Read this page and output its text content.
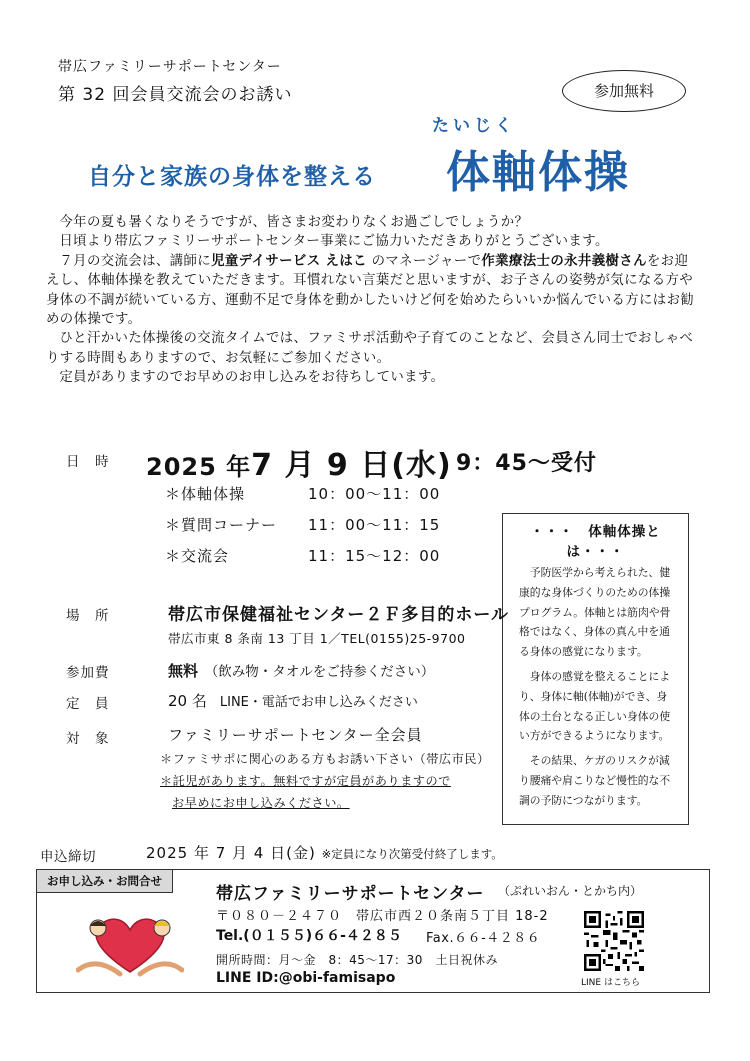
帯広ファミリーサポートセンター
第 32 回会員交流会のお誘い	参加無料
たいじく
自分と家族の身体を整える 体軸体操

今年の夏も暑くなりそうですが、皆さまお変わりなくお過ごしでしょうか？

日頃より帯広ファミリーサポートセンター事業にご協力いただきありがとうございます。

７月の交流会は、講師に児童デイサービス えはこ のマネージャーで作業療法士の永井義樹さんをお迎えし、体軸体操を教えていただきます。耳慣れない言葉だと思いますが、お子さんの姿勢が気になる方や身体の不調が続いている方、運動不足で身体を動かしたいけど何を始めたらいいか悩んでいる方にはお勧めの体操です。

ひと汗かいた体操後の交流タイムでは、ファミサポ活動や子育てのことなど、会員さん同士でおしゃべりする時間もありますので、お気軽にご参加ください。

定員がありますのでお早めのお申し込みをお待ちしています。

日　時 2025 年7 月 9 日(水) 9：45～受付
＊体軸体操	10：00～11：00
＊質問コーナー 11：00～11：15
＊交流会	11：15～12：00
・・・　体軸体操とは・・・

予防医学から考えられた、健康的な身体づくりのための体操プログラム。体軸とは筋肉や骨格ではなく、身体の真ん中を通る身体の感覚になります。

身体の感覚を整えることにより、身体に軸(体軸)ができ、身体の土台となる正しい身体の使い方ができるようになります。

その結果、ケガのリスクが減り腰痛や肩こりなど慢性的な不調の予防につながります。

場　所	帯広市保健福祉センター２Ｆ多目的ホール
帯広市東 8 条南 13 丁目 1／TEL(0155)25-9700
参加費	無料　 （飲み物・タオルをご持参ください）
定　員	20 名　 LINE・電話でお申し込みください
対　象	ファミリーサポートセンター全会員
＊ファミサポに関心のある方もお誘い下さい（帯広市民）
＊託児があります。無料ですが定員がありますので
お早めにお申し込みください。
申込締切	2025 年 7 月 4 日(金) ※定員になり次第受付終了します。
お申し込み・お問合せ
帯広ファミリーサポートセンター （ぷれいおん・とかち内）
〒０８０－２４７０　帯広市西２０条南５丁目 18-2
Tel.(０１５５)６６-４２８５ Fax.６６-４２８６
開所時間：月～金　8：45～17：30　土日祝休み
LINE ID:@obi-famisapo	LINE はこちら
